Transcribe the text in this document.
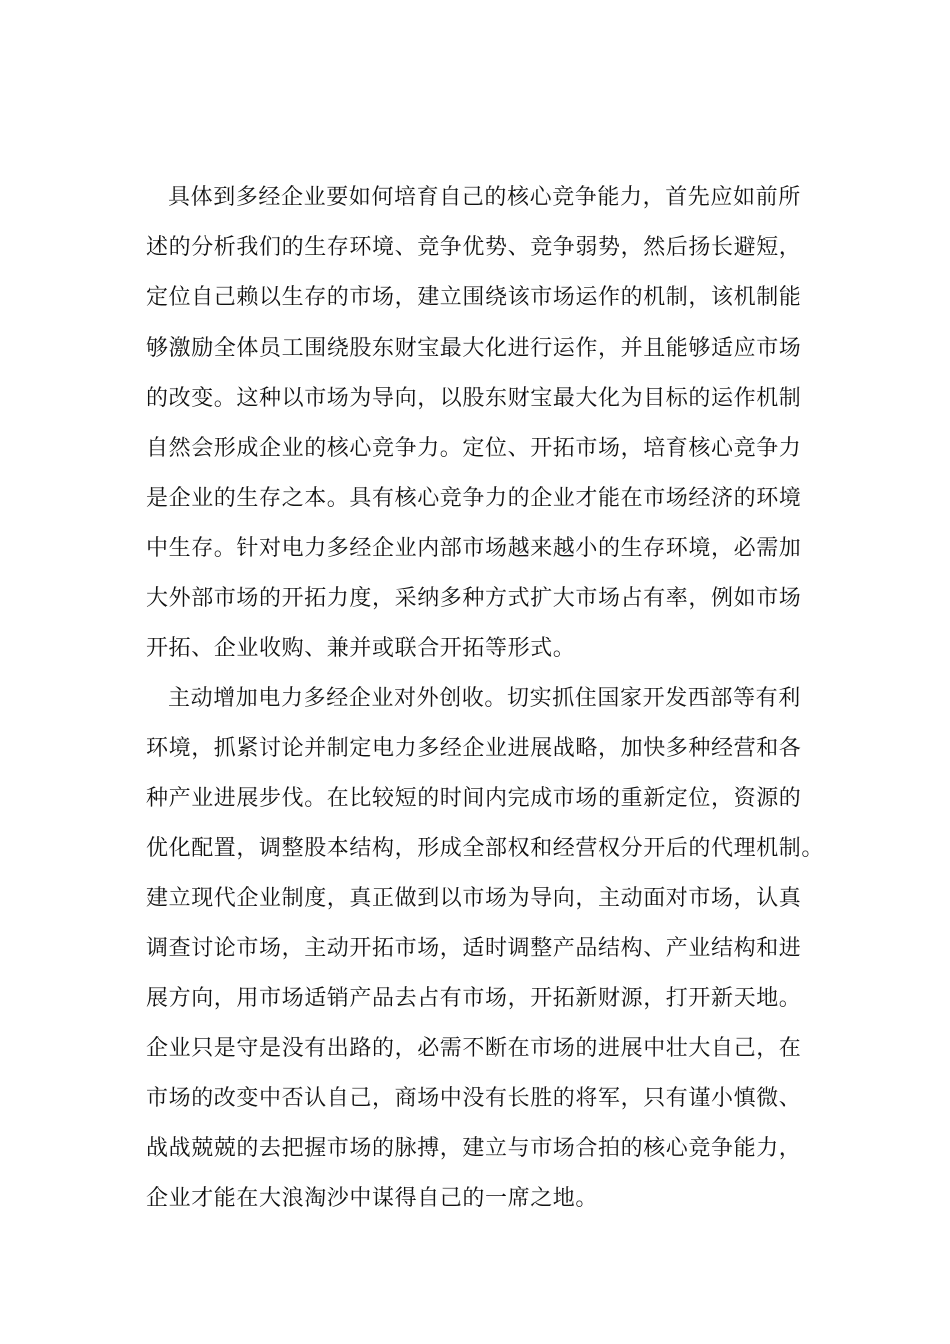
具体到多经企业要如何培育自己的核心竞争能力，首先应如前所
述的分析我们的生存环境、竞争优势、竞争弱势，然后扬长避短，
定位自己赖以生存的市场，建立围绕该市场运作的机制，该机制能
够激励全体员工围绕股东财宝最大化进行运作，并且能够适应市场
的改变。这种以市场为导向，以股东财宝最大化为目标的运作机制
自然会形成企业的核心竞争力。定位、开拓市场，培育核心竞争力
是企业的生存之本。具有核心竞争力的企业才能在市场经济的环境
中生存。针对电力多经企业内部市场越来越小的生存环境，必需加
大外部市场的开拓力度，采纳多种方式扩大市场占有率，例如市场
开拓、企业收购、兼并或联合开拓等形式。
主动增加电力多经企业对外创收。切实抓住国家开发西部等有利
环境，抓紧讨论并制定电力多经企业进展战略，加快多种经营和各
种产业进展步伐。在比较短的时间内完成市场的重新定位，资源的
优化配置，调整股本结构，形成全部权和经营权分开后的代理机制。
建立现代企业制度，真正做到以市场为导向，主动面对市场，认真
调查讨论市场，主动开拓市场，适时调整产品结构、产业结构和进
展方向，用市场适销产品去占有市场，开拓新财源，打开新天地。
企业只是守是没有出路的，必需不断在市场的进展中壮大自己，在
市场的改变中否认自己，商场中没有长胜的将军，只有谨小慎微、
战战兢兢的去把握市场的脉搏，建立与市场合拍的核心竞争能力，
企业才能在大浪淘沙中谋得自己的一席之地。
